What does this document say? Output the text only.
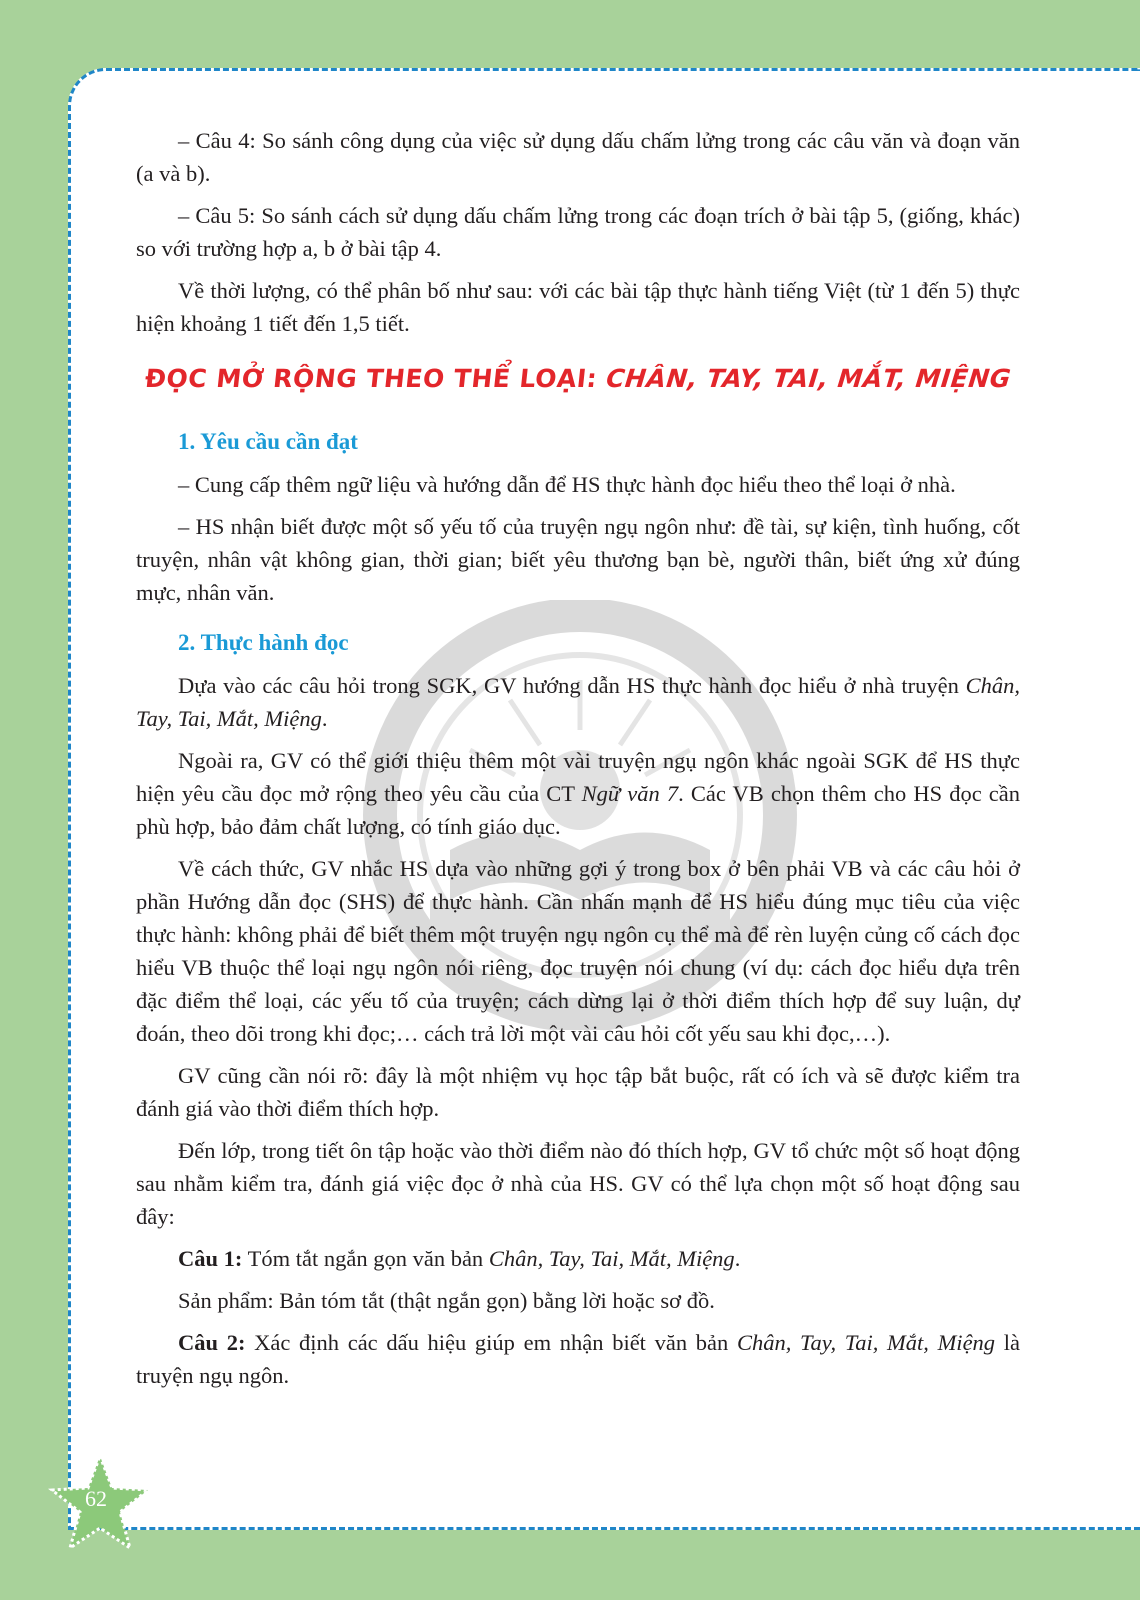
– Câu 4: So sánh công dụng của việc sử dụng dấu chấm lửng trong các câu văn và đoạn văn (a và b).

– Câu 5: So sánh cách sử dụng dấu chấm lửng trong các đoạn trích ở bài tập 5, (giống, khác) so với trường hợp a, b ở bài tập 4.

Về thời lượng, có thể phân bố như sau: với các bài tập thực hành tiếng Việt (từ 1 đến 5) thực hiện khoảng 1 tiết đến 1,5 tiết.

ĐỌC MỞ RỘNG THEO THỂ LOẠI: CHÂN, TAY, TAI, MẮT, MIỆNG
1. Yêu cầu cần đạt

– Cung cấp thêm ngữ liệu và hướng dẫn để HS thực hành đọc hiểu theo thể loại ở nhà.

– HS nhận biết được một số yếu tố của truyện ngụ ngôn như: đề tài, sự kiện, tình huống, cốt truyện, nhân vật không gian, thời gian; biết yêu thương bạn bè, người thân, biết ứng xử đúng mực, nhân văn.

2. Thực hành đọc

Dựa vào các câu hỏi trong SGK, GV hướng dẫn HS thực hành đọc hiểu ở nhà truyện Chân, Tay, Tai, Mắt, Miệng.

Ngoài ra, GV có thể giới thiệu thêm một vài truyện ngụ ngôn khác ngoài SGK để HS thực hiện yêu cầu đọc mở rộng theo yêu cầu của CT Ngữ văn 7. Các VB chọn thêm cho HS đọc cần phù hợp, bảo đảm chất lượng, có tính giáo dục.

Về cách thức, GV nhắc HS dựa vào những gợi ý trong box ở bên phải VB và các câu hỏi ở phần Hướng dẫn đọc (SHS) để thực hành. Cần nhấn mạnh để HS hiểu đúng mục tiêu của việc thực hành: không phải để biết thêm một truyện ngụ ngôn cụ thể mà để rèn luyện củng cố cách đọc hiểu VB thuộc thể loại ngụ ngôn nói riêng, đọc truyện nói chung (ví dụ: cách đọc hiểu dựa trên đặc điểm thể loại, các yếu tố của truyện; cách dừng lại ở thời điểm thích hợp để suy luận, dự đoán, theo dõi trong khi đọc;… cách trả lời một vài câu hỏi cốt yếu sau khi đọc,…).

GV cũng cần nói rõ: đây là một nhiệm vụ học tập bắt buộc, rất có ích và sẽ được kiểm tra đánh giá vào thời điểm thích hợp.

Đến lớp, trong tiết ôn tập hoặc vào thời điểm nào đó thích hợp, GV tổ chức một số hoạt động sau nhằm kiểm tra, đánh giá việc đọc ở nhà của HS. GV có thể lựa chọn một số hoạt động sau đây:

Câu 1: Tóm tắt ngắn gọn văn bản Chân, Tay, Tai, Mắt, Miệng.

Sản phẩm: Bản tóm tắt (thật ngắn gọn) bằng lời hoặc sơ đồ.

Câu 2: Xác định các dấu hiệu giúp em nhận biết văn bản Chân, Tay, Tai, Mắt, Miệng là truyện ngụ ngôn.

62
